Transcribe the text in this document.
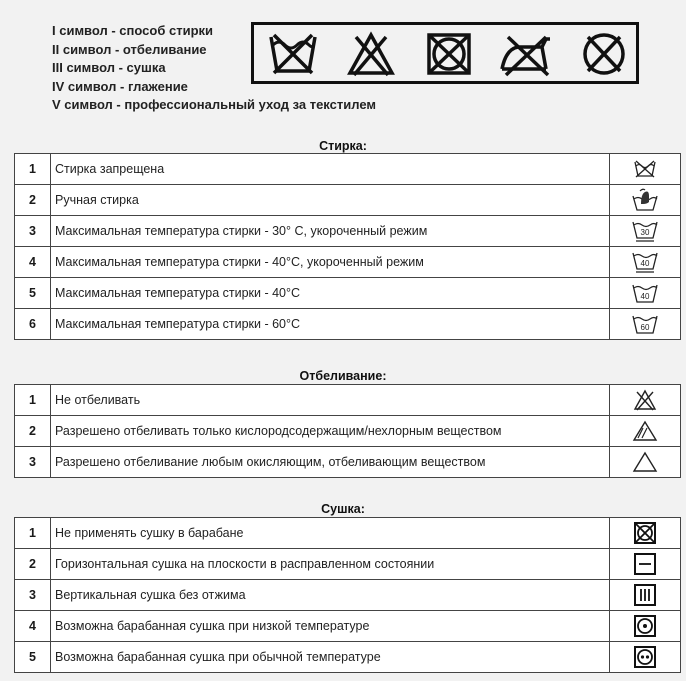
I символ - способ стирки
II символ - отбеливание
III символ - сушка
IV символ - глажение
V символ - профессиональный уход за текстилем
Стирка:
1	Стирка запрещена	

2	Ручная стирка	

3	Максимальная температура стирки - 30° С, укороченный режим	30

4	Максимальная температура стирки - 40°С, укороченный режим	40

5	Максимальная температура стирки - 40°С	40

6	Максимальная температура стирки - 60°С	60
Отбеливание:
1	Не отбеливать	

2	Разрешено отбеливать только кислородсодержащим/нехлорным веществом	

3	Разрешено отбеливание любым окисляющим, отбеливающим веществом	
Сушка:
1	Не применять сушку в барабане	

2	Горизонтальная сушка на плоскости в расправленном состоянии	

3	Вертикальная сушка без отжима	

4	Возможна барабанная сушка при низкой температуре	

5	Возможна барабанная сушка при обычной температуре	
